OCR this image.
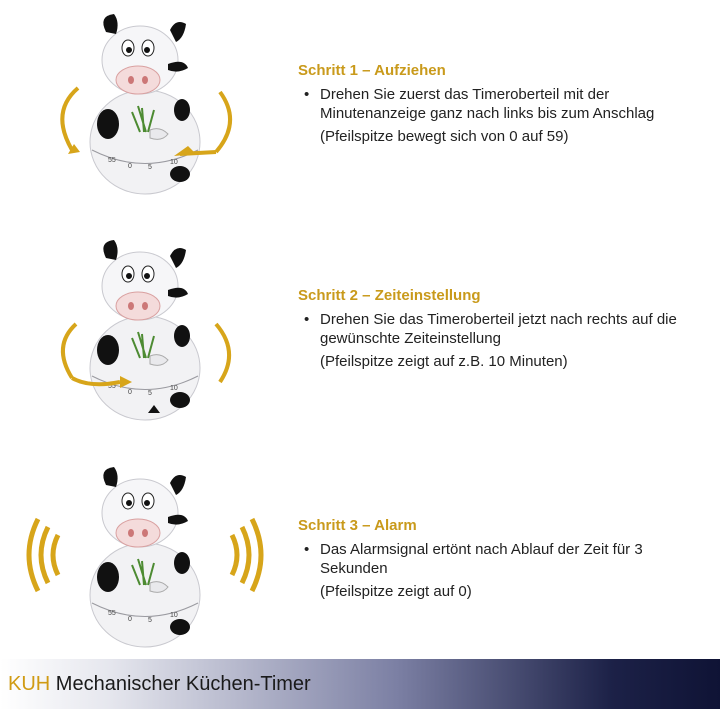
Schritt 1 – Aufziehen
• Drehen Sie zuerst das Timeroberteil mit der Minutenanzeige ganz nach links bis zum Anschlag
(Pfeilspitze bewegt sich von 0 auf 59)
Schritt 2 – Zeiteinstellung
• Drehen Sie das Timeroberteil jetzt nach rechts auf die gewünschte Zeiteinstellung
(Pfeilspitze zeigt auf z.B. 10 Minuten)
Schritt 3 – Alarm
• Das Alarmsignal ertönt nach Ablauf der Zeit für 3 Sekunden
(Pfeilspitze zeigt auf 0)
KUH Mechanischer Küchen-Timer
